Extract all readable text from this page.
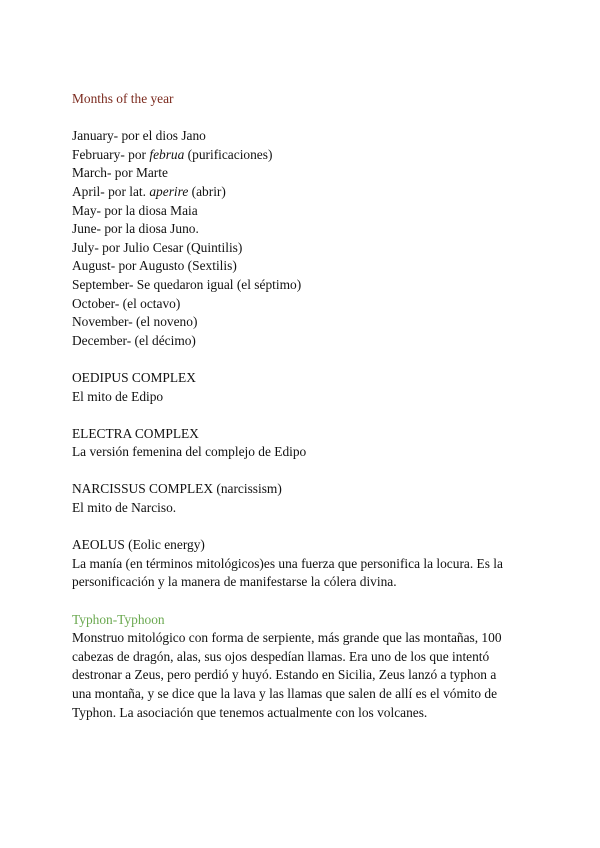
Months of the year
January- por el dios Jano
February- por februa (purificaciones)
March- por Marte
April- por lat. aperire (abrir)
May- por la diosa Maia
June- por la diosa Juno.
July- por Julio Cesar (Quintilis)
August- por Augusto (Sextilis)
September- Se quedaron igual (el séptimo)
October- (el octavo)
November- (el noveno)
December- (el décimo)
OEDIPUS COMPLEX
El mito de Edipo
ELECTRA COMPLEX
La versión femenina del complejo de Edipo
NARCISSUS COMPLEX (narcissism)
El mito de Narciso.
AEOLUS (Eolic energy)
La manía (en términos mitológicos)es una fuerza que personifica la locura. Es la
personificación y la manera de manifestarse la cólera divina.
Typhon-Typhoon
Monstruo mitológico con forma de serpiente, más grande que las montañas, 100
cabezas de dragón, alas, sus ojos despedían llamas. Era uno de los que intentó
destronar a Zeus, pero perdió y huyó. Estando en Sicilia, Zeus lanzó a typhon a
una montaña, y se dice que la lava y las llamas que salen de allí es el vómito de
Typhon. La asociación que tenemos actualmente con los volcanes.
